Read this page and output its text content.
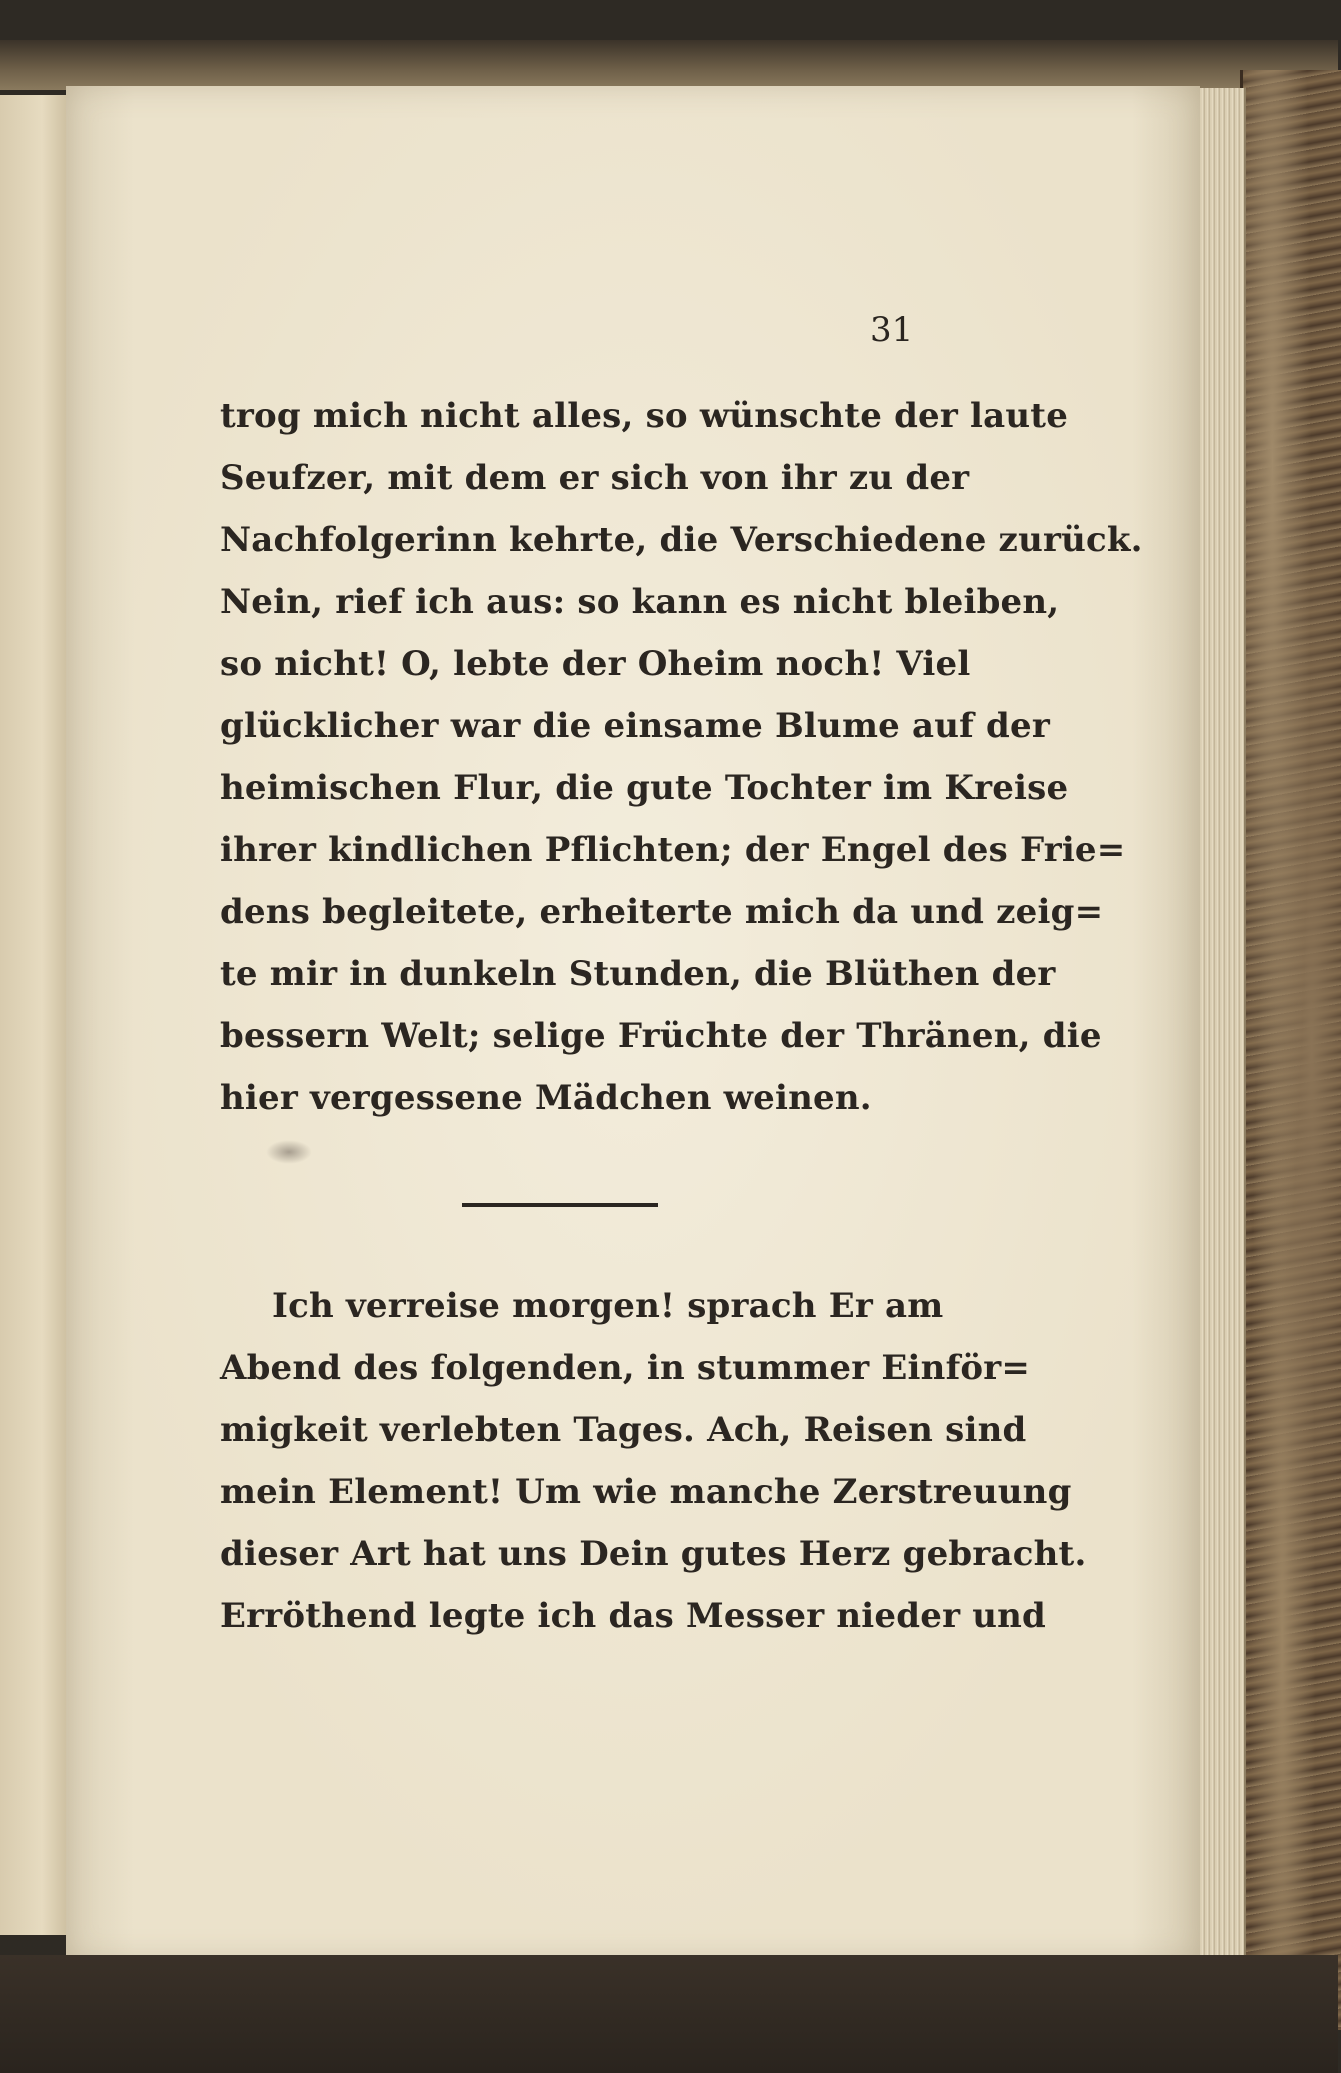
31
trog mich nicht alles, so wünschte der laute
Seufzer, mit dem er sich von ihr zu der
Nachfolgerinn kehrte, die Verschiedene zurück.
Nein, rief ich aus: so kann es nicht bleiben,
so nicht! O, lebte der Oheim noch! Viel
glücklicher war die einsame Blume auf der
heimischen Flur, die gute Tochter im Kreise
ihrer kindlichen Pflichten; der Engel des Frie=
dens begleitete, erheiterte mich da und zeig=
te mir in dunkeln Stunden, die Blüthen der
bessern Welt; selige Früchte der Thränen, die
hier vergessene Mädchen weinen.
Ich verreise morgen! sprach Er am
Abend des folgenden, in stummer Einför=
migkeit verlebten Tages. Ach, Reisen sind
mein Element! Um wie manche Zerstreuung
dieser Art hat uns Dein gutes Herz gebracht.
Erröthend legte ich das Messer nieder und
